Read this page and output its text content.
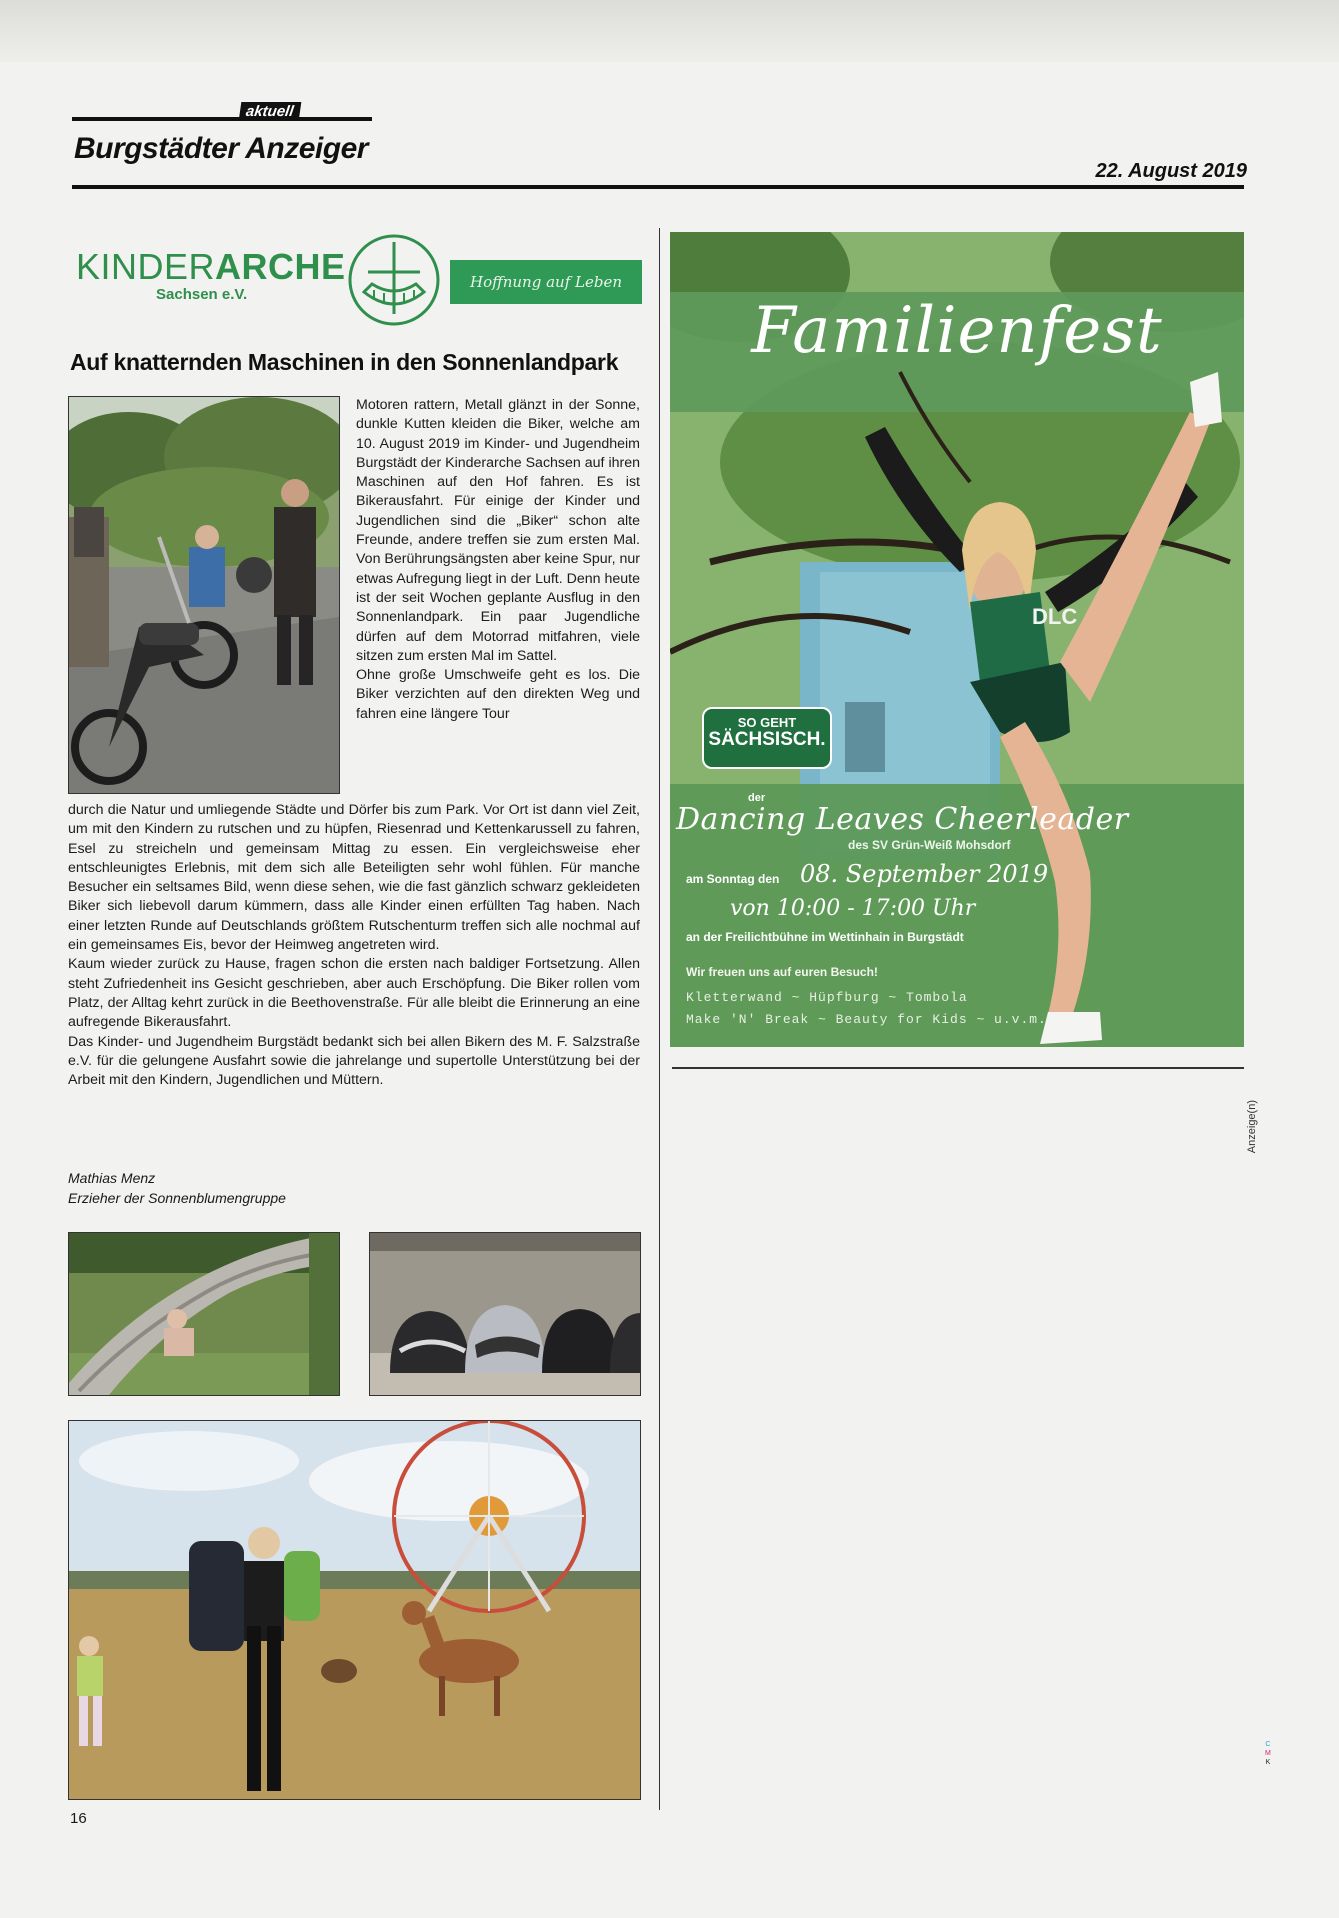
aktuell
Burgstädter Anzeiger
22. August 2019
KINDERARCHE
Sachsen e.V.
Hoffnung auf Leben
Auf knatternden Maschinen in den Sonnenlandpark

Motoren rattern, Metall glänzt in der Sonne, dunkle Kutten kleiden die Biker, welche am 10. August 2019 im Kinder- und Jugendheim Burgstädt der Kinderarche Sachsen auf ihren Maschinen auf den Hof fahren. Es ist Bikerausfahrt. Für einige der Kinder und Jugendlichen sind die „Biker“ schon alte Freunde, andere treffen sie zum ersten Mal. Von Berührungsängsten aber keine Spur, nur etwas Aufregung liegt in der Luft. Denn heute ist der seit Wochen geplante Ausflug in den Sonnenlandpark. Ein paar Jugendliche dürfen auf dem Motorrad mitfahren, viele sitzen zum ersten Mal im Sattel.

Ohne große Umschweife geht es los. Die Biker verzichten auf den direkten Weg und fahren eine längere Tour

durch die Natur und umliegende Städte und Dörfer bis zum Park. Vor Ort ist dann viel Zeit, um mit den Kindern zu rutschen und zu hüpfen, Riesenrad und Kettenkarussell zu fahren, Esel zu streicheln und gemeinsam Mittag zu essen. Ein vergleichsweise eher entschleunigtes Erlebnis, mit dem sich alle Beteiligten sehr wohl fühlen. Für manche Besucher ein seltsames Bild, wenn diese sehen, wie die fast gänzlich schwarz gekleideten Biker sich liebevoll darum kümmern, dass alle Kinder einen erfüllten Tag haben. Nach einer letzten Runde auf Deutschlands größtem Rutschenturm treffen sich alle nochmal auf ein gemeinsames Eis, bevor der Heimweg angetreten wird.

Kaum wieder zurück zu Hause, fragen schon die ersten nach baldiger Fortsetzung. Allen steht Zufriedenheit ins Gesicht geschrieben, aber auch Erschöpfung. Die Biker rollen vom Platz, der Alltag kehrt zurück in die Beethovenstraße. Für alle bleibt die Erinnerung an eine aufregende Bikerausfahrt.

Das Kinder- und Jugendheim Burgstädt bedankt sich bei allen Bikern des M. F. Salzstraße e.V. für die gelungene Ausfahrt sowie die jahrelange und supertolle Unterstützung bei der Arbeit mit den Kindern, Jugendlichen und Müttern.

Mathias Menz
Erzieher der Sonnenblumengruppe
Familienfest
DLC
SO GEHT
SÄCHSISCH.
der
Dancing Leaves Cheerleader
des SV Grün-Weiß Mohsdorf
am Sonntag den 08. September 2019
von 10:00 - 17:00 Uhr
an der Freilichtbühne im Wettinhain in Burgstädt
Wir freuen uns auf euren Besuch!
Kletterwand ~ Hüpfburg ~ Tombola
Make 'N' Break ~ Beauty for Kids ~ u.v.m.
Anzeige(n)
C
M
K
16
